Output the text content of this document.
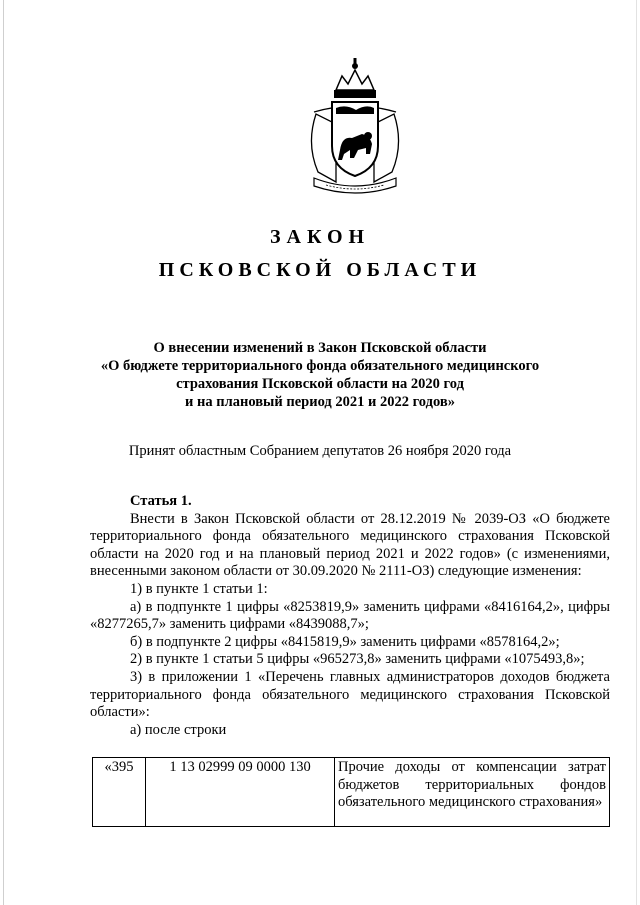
ЗАКОН
ПСКОВСКОЙ ОБЛАСТИ
О внесении изменений в Закон Псковской области
«О бюджете территориального фонда обязательного медицинского
страхования Псковской области на 2020 год
и на плановый период 2021 и 2022 годов»
Принят областным Собранием депутатов 26 ноября 2020 года
Статья 1.

Внести в Закон Псковской области от 28.12.2019 № 2039-ОЗ «О бюджете территориального фонда обязательного медицинского страхования Псковской области на 2020 год и на плановый период 2021 и 2022 годов» (с изменениями, внесенными законом области от 30.09.2020 № 2111-ОЗ) следующие изменения:

1) в пункте 1 статьи 1:

а) в подпункте 1 цифры «8253819,9» заменить цифрами «8416164,2», цифры «8277265,7» заменить цифрами «8439088,7»;

б) в подпункте 2 цифры «8415819,9» заменить цифрами «8578164,2»;

2) в пункте 1 статьи 5 цифры «965273,8» заменить цифрами «1075493,8»;

3) в приложении 1 «Перечень главных администраторов доходов бюджета территориального фонда обязательного медицинского страхования Псковской области»:

а) после строки

«395	1 13 02999 09 0000 130	Прочие доходы от компенсации затрат бюджетов территориальных фондов обязательного медицинского страхования»
